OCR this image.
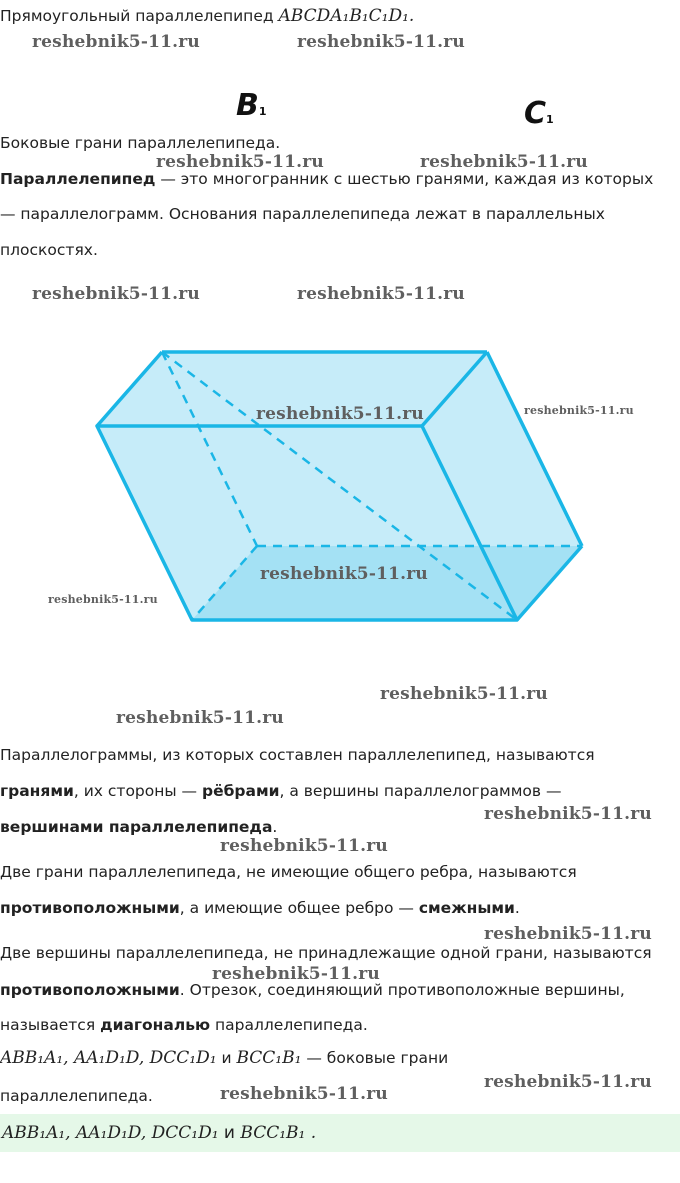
Прямоугольный параллелепипед ABCDA₁B₁C₁D₁.
reshebnik5-11.ru	reshebnik5-11.ru
B1	C1
Боковые грани параллелепипеда.
reshebnik5-11.ru	reshebnik5-11.ru
Параллелепипед — это многогранник с шестью гранями, каждая из которых
— параллелограмм. Основания параллелепипеда лежат в параллельных
плоскостях.
reshebnik5-11.ru	reshebnik5-11.ru
reshebnik5-11.ru	reshebnik5-11.ru
reshebnik5-11.ru
reshebnik5-11.ru
reshebnik5-11.ru
reshebnik5-11.ru
Параллелограммы, из которых составлен параллелепипед, называются
гранями, их стороны — рёбрами, а вершины параллелограммов —
вершинами параллелепипеда.
reshebnik5-11.ru
reshebnik5-11.ru
Две грани параллелепипеда, не имеющие общего ребра, называются
противоположными, а имеющие общее ребро — смежными.
reshebnik5-11.ru
Две вершины параллелепипеда, не принадлежащие одной грани, называются
reshebnik5-11.ru
противоположными. Отрезок, соединяющий противоположные вершины,
называется диагональю параллелепипеда.
ABB₁A₁, AA₁D₁D, DCC₁D₁ и BCC₁B₁ — боковые грани
reshebnik5-11.ru
параллелепипеда.	reshebnik5-11.ru
ABB₁A₁, AA₁D₁D, DCC₁D₁ и BCC₁B₁ .
